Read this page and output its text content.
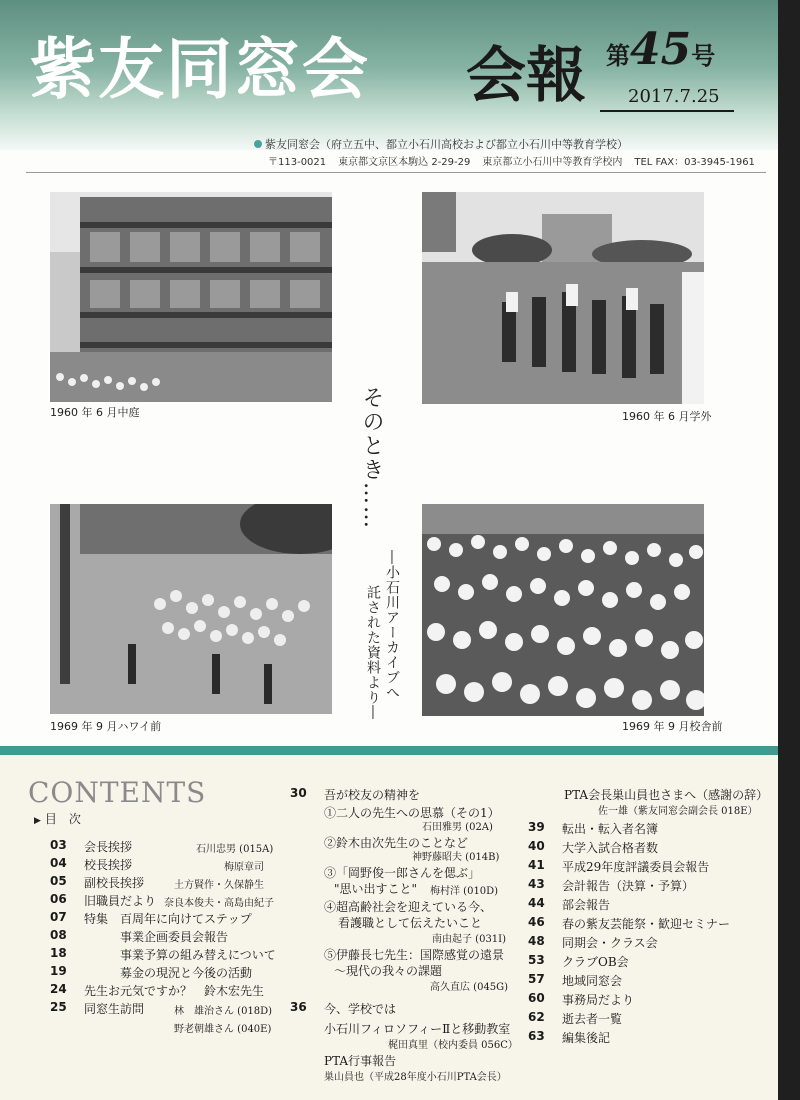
紫友同窓会 会報 第45号
2017.7.25
紫友同窓会（府立五中、都立小石川高校および都立小石川中等教育学校）
〒113-0021 東京都文京区本駒込 2-29-29 東京都立小石川中等教育学校内 TEL FAX：03-3945-1961
1960 年 6 月中庭	1960 年 6 月学外
1969 年 9 月ハワイ前	1969 年 9 月校舎前
そのとき……
―小石川アーカイブへ
託された資料より―
CONTENTS
▶ 目　次
03 会長挨拶	石川忠男 (015A)
04 校長挨拶	梅原章司
05 副校長挨拶	土方賢作・久保静生
06 旧職員だより 奈良本俊夫・高島由紀子
07 特集　百周年に向けてステップ
08	事業企画委員会報告
18	事業予算の組み替えについて
19	募金の現況と今後の活動
24 先生お元気ですか？　鈴木宏先生
25 同窓生訪問	林　雄治さん (018D)
野老朝雄さん (040E)
30 吾が校友の精神を
①二人の先生への思慕（その1）
石田雅男 (02A)
②鈴木由次先生のことなど
神野藤昭夫 (014B)
③「岡野俊一郎さんを偲ぶ」
"思い出すこと" 梅村洋 (010D)
④超高齢社会を迎えている今、
看護職として伝えたいこと
南由起子 (031I)
⑤伊藤長七先生：国際感覚の遠景
～現代の我々の課題
高久直広 (045G)
36 今、学校では
小石川フィロソフィーⅡと移動教室
梶田真里（校内委員 056C）
PTA行事報告
巣山員也（平成28年度小石川PTA会長）
PTA会長巣山員也さまへ（感謝の辞）
佐一雄（紫友同窓会副会長 018E）
39 転出・転入者名簿
40 大学入試合格者数
41 平成29年度評議委員会報告
43 会計報告（決算・予算）
44 部会報告
46 春の紫友芸能祭・歓迎セミナー
48 同期会・クラス会
53 クラブOB会
57 地域同窓会
60 事務局だより
62 逝去者一覧
63 編集後記
